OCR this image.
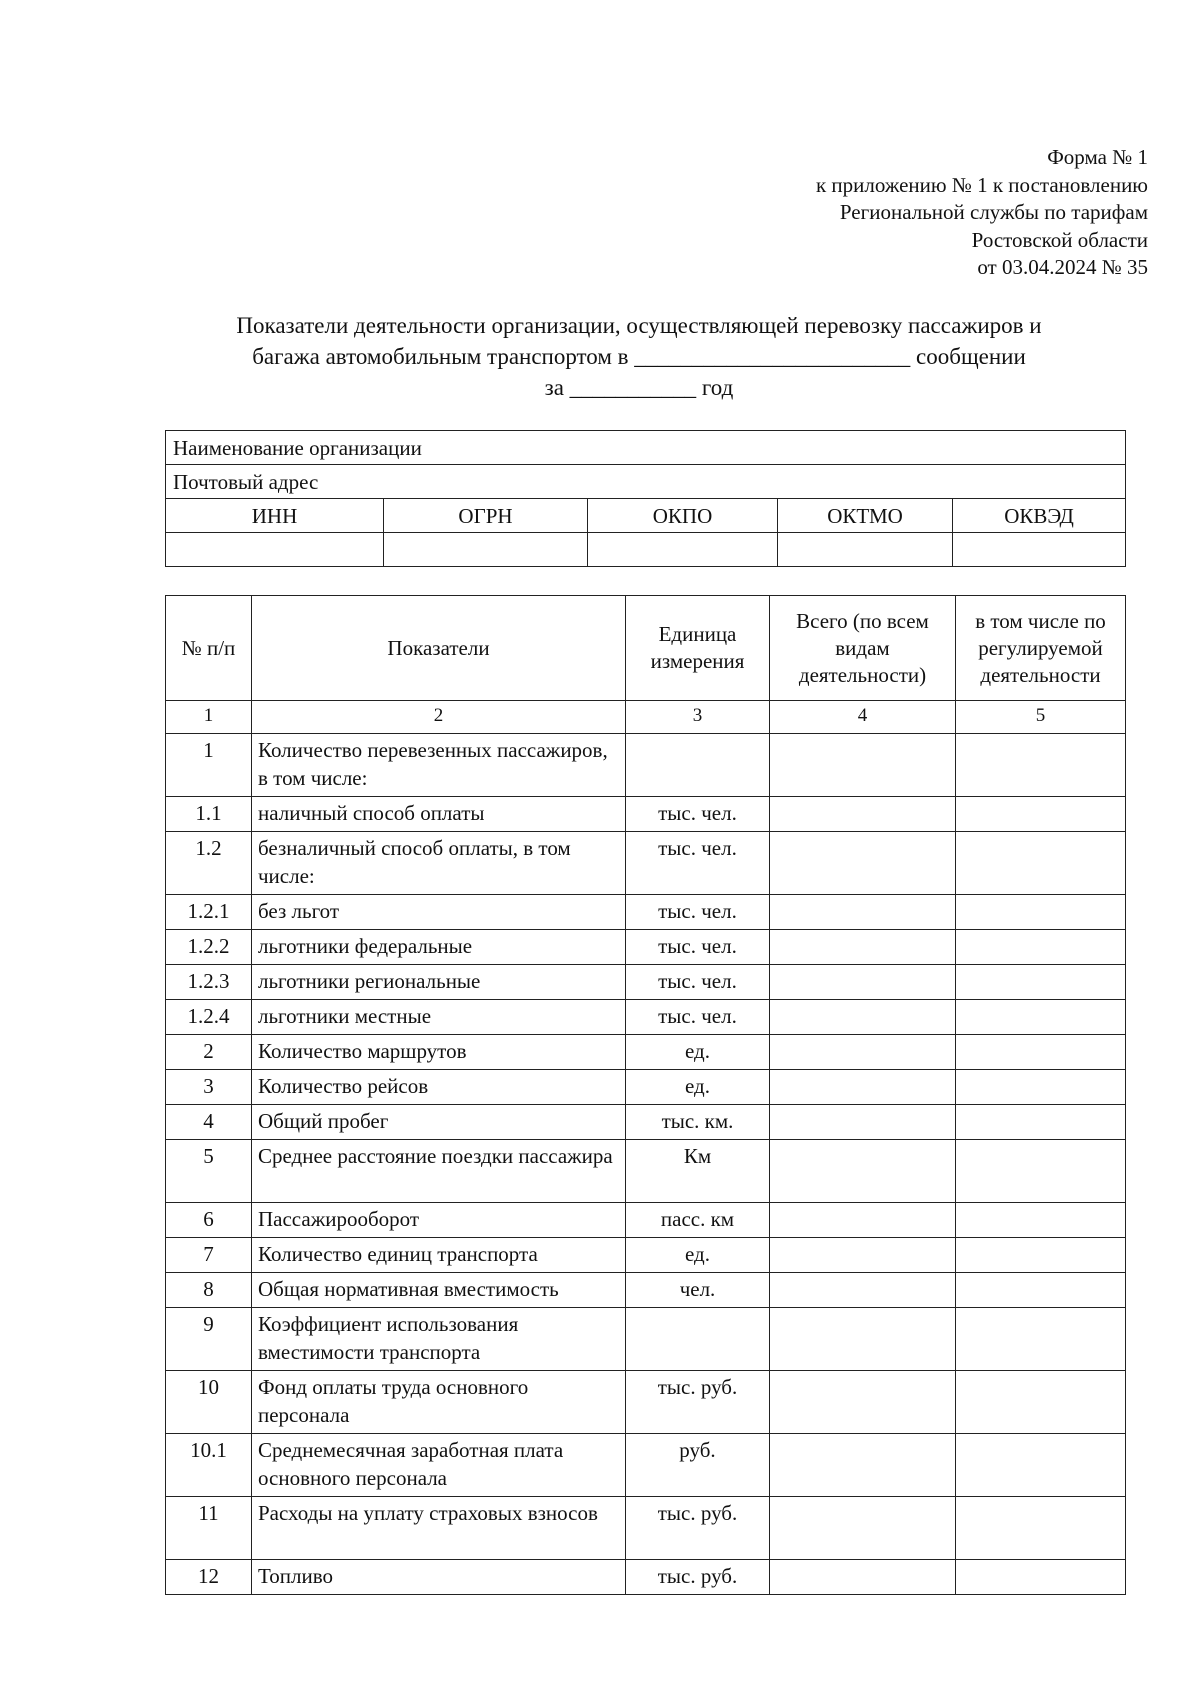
Форма № 1
к приложению № 1 к постановлению
Региональной службы по тарифам
Ростовской области
от 03.04.2024 № 35
Показатели деятельности организации, осуществляющей перевозку пассажиров и
багажа автомобильным транспортом в ________________________ сообщении
за ___________ год
Наименование организации				
Почтовый адрес				
ИНН	ОГРН	ОКПО	ОКТМО	ОКВЭД

№ п/п	Показатели	Единица измерения	Всего (по всем видам деятельности)	в том числе по регулируемой деятельности
1	2	3	4	5
1	Количество перевезенных пассажиров, в том числе:			
1.1	наличный способ оплаты	тыс. чел.		
1.2	безналичный способ оплаты, в том числе:	тыс. чел.		
1.2.1	без льгот	тыс. чел.		
1.2.2	льготники федеральные	тыс. чел.		
1.2.3	льготники региональные	тыс. чел.		
1.2.4	льготники местные	тыс. чел.		
2	Количество маршрутов	ед.		
3	Количество рейсов	ед.		
4	Общий пробег	тыс. км.		
5	Среднее расстояние поездки пассажира	Км		
6	Пассажирооборот	пасс. км		
7	Количество единиц транспорта	ед.		
8	Общая нормативная вместимость	чел.		
9	Коэффициент использования вместимости транспорта			
10	Фонд оплаты труда основного персонала	тыс. руб.		
10.1	Среднемесячная заработная плата основного персонала	руб.		
11	Расходы на уплату страховых взносов	тыс. руб.		
12	Топливо	тыс. руб.		
